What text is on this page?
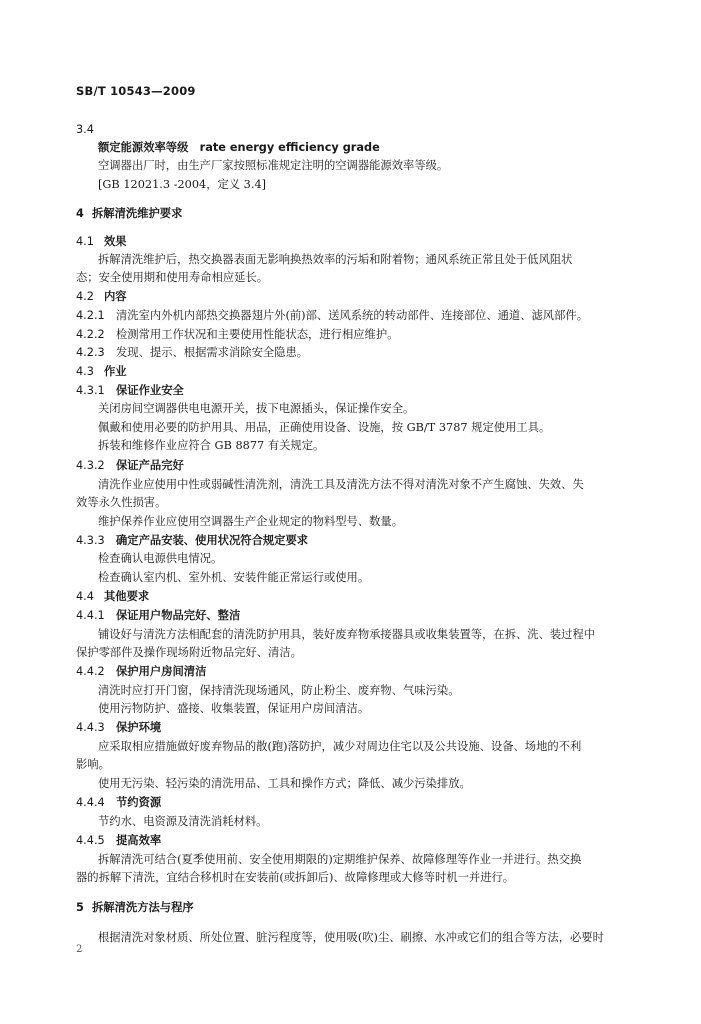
SB/T 10543—2009
3.4
额定能源效率等级　rate energy efficiency grade
空调器出厂时，由生产厂家按照标准规定注明的空调器能源效率等级。
[GB 12021.3 -2004，定义 3.4]
4 拆解清洗维护要求
4.1 效果
拆解清洗维护后，热交换器表面无影响换热效率的污垢和附着物；通风系统正常且处于低风阻状
态；安全使用期和使用寿命相应延长。
4.2 内容
4.2.1 清洗室内外机内部热交换器翅片外(前)部、送风系统的转动部件、连接部位、通道、滤风部件。
4.2.2 检测常用工作状况和主要使用性能状态，进行相应维护。
4.2.3 发现、提示、根据需求消除安全隐患。
4.3 作业
4.3.1 保证作业安全
关闭房间空调器供电电源开关，拔下电源插头，保证操作安全。
佩戴和使用必要的防护用具、用品，正确使用设备、设施，按 GB/T 3787 规定使用工具。
拆装和维修作业应符合 GB 8877 有关规定。
4.3.2 保证产品完好
清洗作业应使用中性或弱碱性清洗剂，清洗工具及清洗方法不得对清洗对象不产生腐蚀、失效、失
效等永久性损害。
维护保养作业应使用空调器生产企业规定的物料型号、数量。
4.3.3 确定产品安装、使用状况符合规定要求
检查确认电源供电情况。
检查确认室内机、室外机、安装件能正常运行或使用。
4.4 其他要求
4.4.1 保证用户物品完好、整洁
铺设好与清洗方法相配套的清洗防护用具，装好废弃物承接器具或收集装置等，在拆、洗、装过程中
保护零部件及操作现场附近物品完好、清洁。
4.4.2 保护用户房间清洁
清洗时应打开门窗，保持清洗现场通风，防止粉尘、废弃物、气味污染。
使用污物防护、盛接、收集装置，保证用户房间清洁。
4.4.3 保护环境
应采取相应措施做好废弃物品的散(跑)落防护，减少对周边住宅以及公共设施、设备、场地的不利
影响。
使用无污染、轻污染的清洗用品、工具和操作方式；降低、减少污染排放。
4.4.4 节约资源
节约水、电资源及清洗消耗材料。
4.4.5 提高效率
拆解清洗可结合(夏季使用前、安全使用期限的)定期维护保养、故障修理等作业一并进行。热交换
器的拆解下清洗，宜结合移机时在安装前(或拆卸后)、故障修理或大修等时机一并进行。
5 拆解清洗方法与程序
根据清洗对象材质、所处位置、脏污程度等，使用吸(吹)尘、刷擦、水冲或它们的组合等方法，必要时
2
